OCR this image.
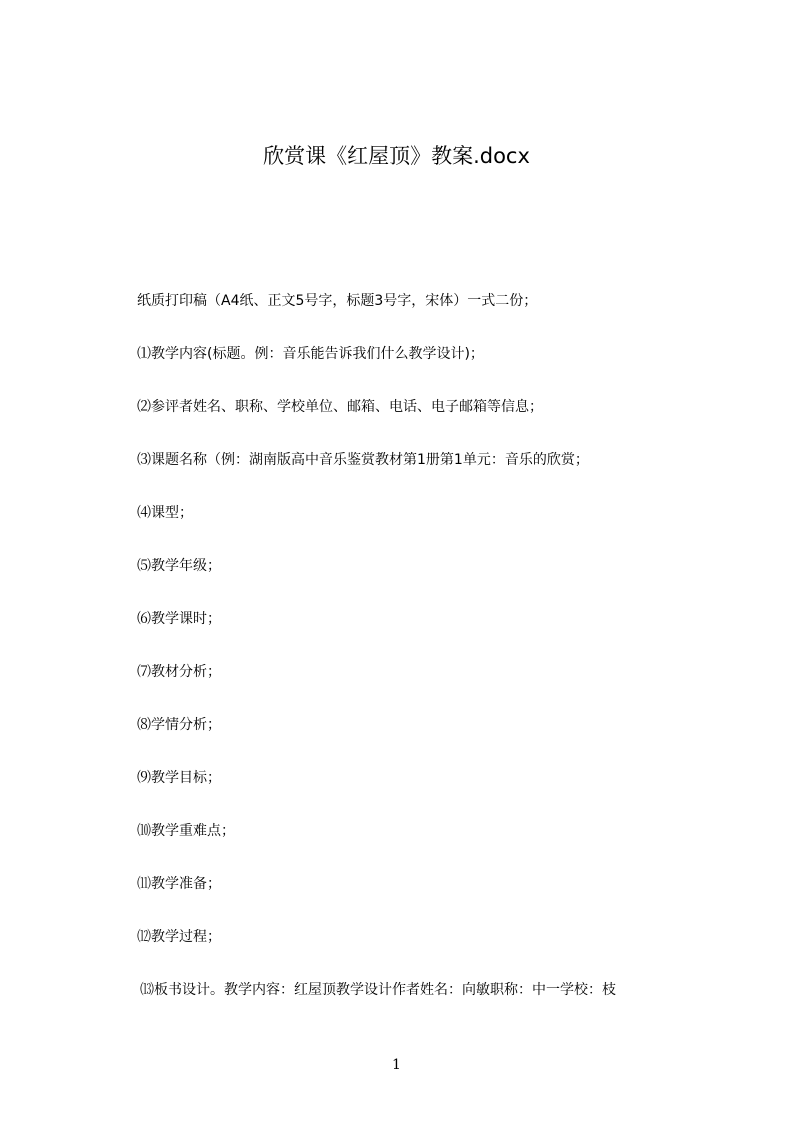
欣赏课《红屋顶》教案.docx
纸质打印稿（A4纸、正文5号字，标题3号字，宋体）一式二份；
⑴教学内容(标题。例：音乐能告诉我们什么教学设计)；
⑵参评者姓名、职称、学校单位、邮箱、电话、电子邮箱等信息；
⑶课题名称（例：湖南版高中音乐鉴赏教材第1册第1单元：音乐的欣赏；
⑷课型；
⑸教学年级；
⑹教学课时；
⑺教材分析；
⑻学情分析；
⑼教学目标；
⑽教学重难点；
⑾教学准备；
⑿教学过程；
⒀板书设计。教学内容：红屋顶教学设计作者姓名：向敏职称：中一学校：枝
1
